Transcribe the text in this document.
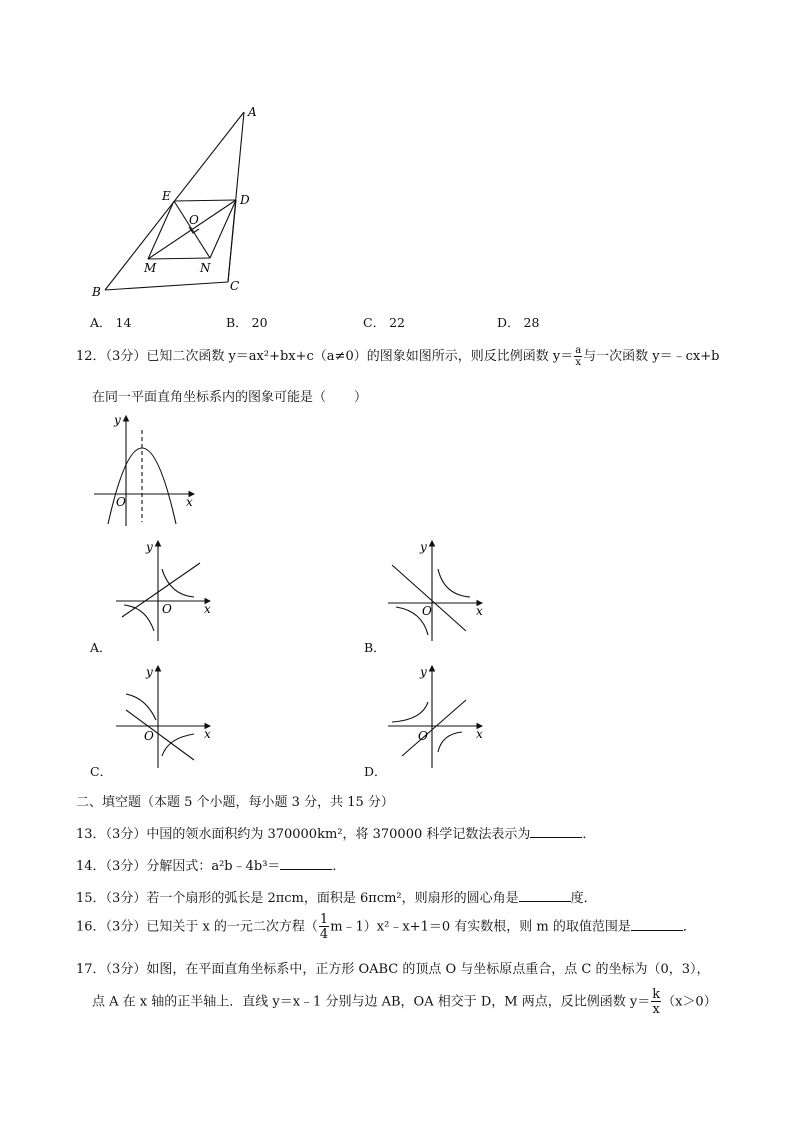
A
E	D
O
M	N
B	C
A． 14	B． 20	C． 22	D． 28
12．（3分）已知二次函数 y＝ax²+bx+c（a≠0）的图象如图所示，则反比例函数 $y= \frac{a}{x}$ 与一次函数 y＝﹣cx+b
在同一平面直角坐标系内的图象可能是（ ）
y
x
O
y
x
O
A．
y
x
O
B．
y
x
O
C．
y
x
O
D．
二、填空题（本题 5 个小题，每小题 3 分，共 15 分）
13．（3分）中国的领水面积约为 370000km²，将 370000 科学记数法表示为	．
14．（3分）分解因式：a²b﹣4b³＝	．
15．（3分）若一个扇形的弧长是 2πcm，面积是 6πcm²，则扇形的圆心角是	度．
16．（3分）已知关于 x 的一元二次方程（ $\frac{1}{4}$ m﹣1）x²﹣x+1＝0 有实数根，则 m 的取值范围是	．
17．（3分）如图，在平面直角坐标系中，正方形 OABC 的顶点 O 与坐标原点重合，点 C 的坐标为（0，3），
点 A 在 x 轴的正半轴上．直线 y＝x﹣1 分别与边 AB，OA 相交于 D，M 两点，反比例函数 $y= \frac{k}{x} (x>0)$
